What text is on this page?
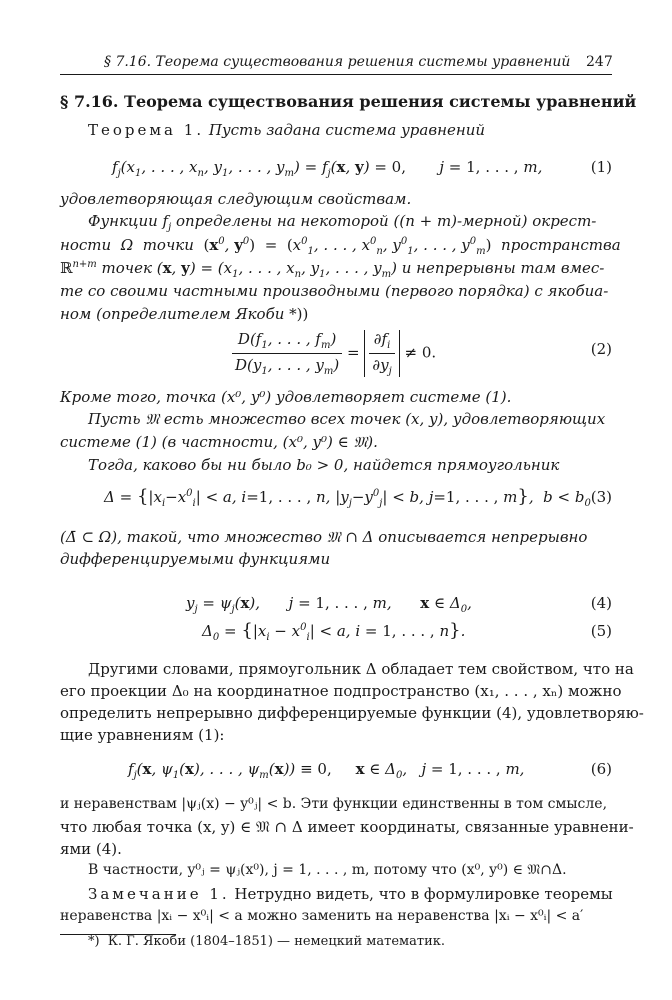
§ 7.16. Теорема существования решения системы уравнений 247
§ 7.16. Теорема существования решения системы уравнений
Теорема 1. Пусть задана система уравнений
$f_j(x_1$, . . . , $x_n$, $y_1$, . . . , $y_m) = f_j(x$, y) = 0,       j = 1, . . . , m,	(1)
удовлетворяющая следующим свойствам.
Функции $f_j$ определены на некоторой ((n + m)-мерной) окрест-
ности  Ω  точки  ($x^0$, $y^0) = (x^0_1$, . . . , $x^0_n$, $y^0_1$, . . . , $y^0_m$)  пространства
ℝ$^{n+m}$ точек (x, $y) = (x_1$, . . . , $x_n$, $y_1$, . . . , $y_m$) и непрерывны там вмес-
те со своими частными производными (первого порядка) с якобиа-
ном (определителем Якоби *))
$\frac{D(f_1, . . . , f_m)}{D(y_1, . . . , y_m)} = \frac{\partial f_i}{\partial y_j} \ne 0$.	(2)
Кроме того, точка (x⁰, y⁰) удовлетворяет системе (1).
Пусть 𝔐 есть множество всех точек (x, y), удовлетворяющих
системе (1) (в частности, (x⁰, y⁰) ∈ 𝔐).
Тогда, каково бы ни было b₀ > 0, найдется прямоугольник
$\Delta = \{|x_i-x^0_i| < a$, i=1, . . . , n, $|y_j-y^0_j| < b$, j=1, . . . , m},  $b < b_0$ (3)
(Δ̄ ⊂ Ω), такой, что множество 𝔐 ∩ Δ описывается непрерывно
дифференцируемыми функциями
$y_j = \psi_j(x)$,      j = 1, . . . , m,      x ∈ $\Delta_0$,	(4)
$\Delta_0 = \{|x_i - x^0_i| < a$, i = 1, . . . , n}.	(5)
Другими словами, прямоугольник Δ обладает тем свойством, что на
его проекции Δ₀ на координатное подпространство (x₁, . . . , xₙ) можно
определить непрерывно дифференцируемые функции (4), удовлетворяю-
щие уравнениям (1):
$f_j(x$, $\psi_1(x)$, . . . , $\psi_m(x)) \equiv 0$, x ∈ $\Delta_0$,   j = 1, . . . , m,	(6)
и неравенствам |ψⱼ(x) − y⁰ⱼ| < b. Эти функции единственны в том смысле,
что любая точка (x, y) ∈ 𝔐 ∩ Δ имеет координаты, связанные уравнени-
ями (4).
В частности, y⁰ⱼ = ψⱼ(x⁰), j = 1, . . . , m, потому что (x⁰, y⁰) ∈ 𝔐∩Δ.
Замечание 1. Нетрудно видеть, что в формулировке теоремы
неравенства |xᵢ − x⁰ᵢ| < a можно заменить на неравенства |xᵢ − x⁰ᵢ| < a′
*) К. Г. Якоби (1804–1851) — немецкий математик.
